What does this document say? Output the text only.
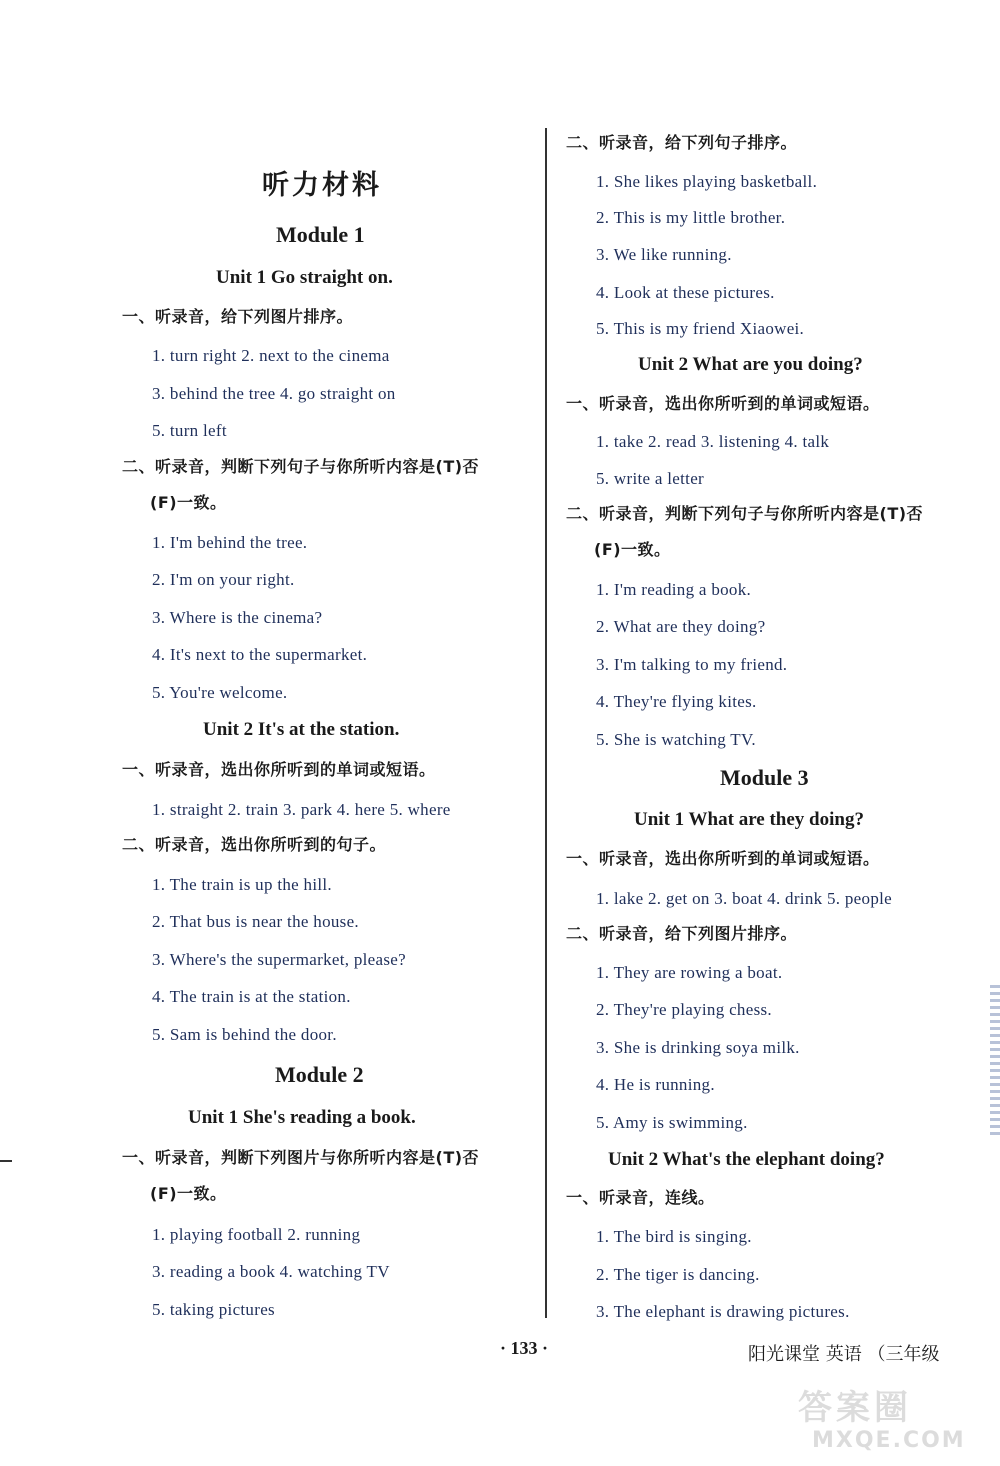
听力材料
Module 1
Unit 1 Go straight on.
一、听录音，给下列图片排序。
1. turn right 2. next to the cinema
3. behind the tree 4. go straight on
5. turn left
二、听录音，判断下列句子与你所听内容是(T)否
(F)一致。
1. I'm behind the tree.
2. I'm on your right.
3. Where is the cinema?
4. It's next to the supermarket.
5. You're welcome.
Unit 2 It's at the station.
一、听录音，选出你所听到的单词或短语。
1. straight 2. train 3. park 4. here 5. where
二、听录音，选出你所听到的句子。
1. The train is up the hill.
2. That bus is near the house.
3. Where's the supermarket, please?
4. The train is at the station.
5. Sam is behind the door.
Module 2
Unit 1 She's reading a book.
一、听录音，判断下列图片与你所听内容是(T)否
(F)一致。
1. playing football 2. running
3. reading a book 4. watching TV
5. taking pictures
二、听录音，给下列句子排序。
1. She likes playing basketball.
2. This is my little brother.
3. We like running.
4. Look at these pictures.
5. This is my friend Xiaowei.
Unit 2 What are you doing?
一、听录音，选出你所听到的单词或短语。
1. take 2. read 3. listening 4. talk
5. write a letter
二、听录音，判断下列句子与你所听内容是(T)否
(F)一致。
1. I'm reading a book.
2. What are they doing?
3. I'm talking to my friend.
4. They're flying kites.
5. She is watching TV.
Module 3
Unit 1 What are they doing?
一、听录音，选出你所听到的单词或短语。
1. lake 2. get on 3. boat 4. drink 5. people
二、听录音，给下列图片排序。
1. They are rowing a boat.
2. They're playing chess.
3. She is drinking soya milk.
4. He is running.
5. Amy is swimming.
Unit 2 What's the elephant doing?
一、听录音，连线。
1. The bird is singing.
2. The tiger is dancing.
3. The elephant is drawing pictures.
· 133 ·	阳光课堂 英语 （三年级
答案圈
MXQE.COM
